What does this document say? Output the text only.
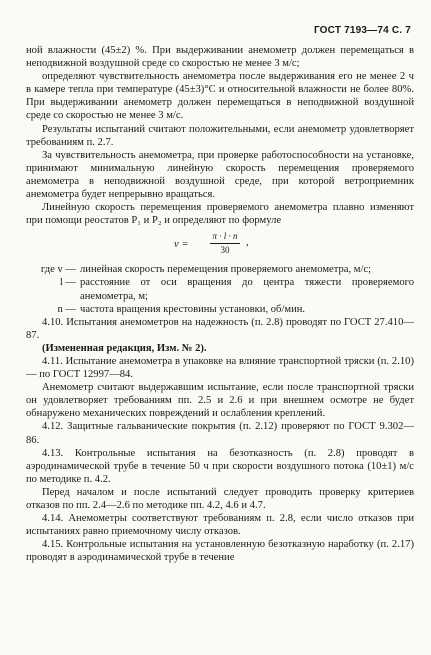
ГОСТ 7193—74 С. 7

ной влажности (45±2) %. При выдерживании анемометр должен перемещаться в неподвижной воздушной среде со скоростью не менее 3 м/с;

определяют чувствительность анемометра после выдерживания его не менее 2 ч в камере тепла при температуре (45±3)°С и относительной влажности не более 80%. При выдерживании анемометр должен перемещаться в неподвижной воздушной среде со скоростью не менее 3 м/с.

Результаты испытаний считают положительными, если анемометр удовлетворяет требованиям п. 2.7.

За чувствительность анемометра, при проверке работоспособности на установке, принимают минимальную линейную скорость перемещения проверяемого анемометра в неподвижной воздушной среде, при которой ветроприемник анемометра будет непрерывно вращаться.

Линейную скорость перемещения проверяемого анемометра плавно изменяют при помощи реостатов P₁ и P₂ и определяют по формуле

$v = \frac{\pi \cdot l \cdot n}{30}$ ,
где v — линейная скорость перемещения проверяемого анемометра, м/с;
l — расстояние от оси вращения до центра тяжести проверяемого анемометра, м;
n — частота вращения крестовины установки, об/мин.

4.10. Испытания анемометров на надежность (п. 2.8) проводят по ГОСТ 27.410—87.

(Измененная редакция, Изм. № 2).

4.11. Испытание анемометра в упаковке на влияние транспортной тряски (п. 2.10) — по ГОСТ 12997—84.

Анемометр считают выдержавшим испытание, если после транспортной тряски он удовлетворяет требованиям пп. 2.5 и 2.6 и при внешнем осмотре не будет обнаружено механических повреждений и ослабления креплений.

4.12. Защитные гальванические покрытия (п. 2.12) проверяют по ГОСТ 9.302—86.

4.13. Контрольные испытания на безотказность (п. 2.8) проводят в аэродинамической трубе в течение 50 ч при скорости воздушного потока (10±1) м/с по методике п. 4.2.

Перед началом и после испытаний следует проводить проверку критериев отказов по пп. 2.4—2.6 по методике пп. 4.2, 4.6 и 4.7.

4.14. Анемометры соответствуют требованиям п. 2.8, если число отказов при испытаниях равно приемочному числу отказов.

4.15. Контрольные испытания на установленную безотказную наработку (п. 2.17) проводят в аэродинамической трубе в течение
